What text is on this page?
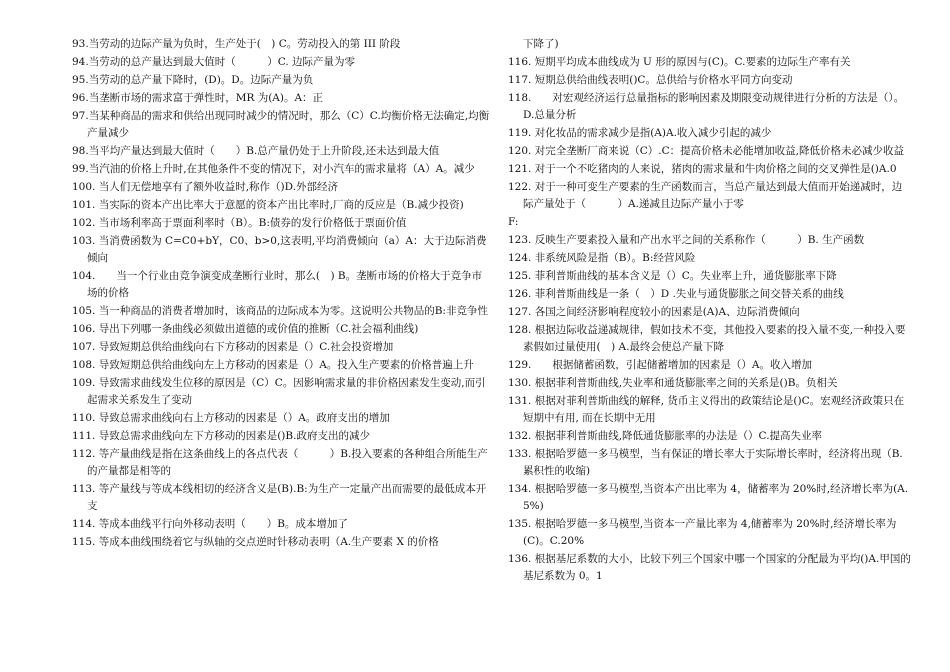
93.当劳动的边际产量为负时，生产处于(　) C。劳动投入的第 III 阶段
94.当劳动的总产量达到最大值时（　　　）C. 边际产量为零
95.当劳动的总产量下降时，(D)。D。边际产量为负
96.当垄断市场的需求富于弹性时，MR 为(A)。A：正
97.当某种商品的需求和供给出现同时减少的情况时，那么（C）C.均衡价格无法确定,均衡产量减少
98.当平均产量达到最大值时（　　）B.总产量仍处于上升阶段,还未达到最大值
99.当汽油的价格上升时,在其他条件不变的情况下，对小汽车的需求量将（A）A。减少
100. 当人们无偿地享有了额外收益时,称作（)D.外部经济
101. 当实际的资本产出比率大于意愿的资本产出比率时,厂商的反应是（B.减少投资)
102. 当市场利率高于票面利率时（B）。B:债券的发行价格低于票面价值
103. 当消费函数为 C=C0+bY，C0、b>0,这表明,平均消费倾向（a）A：大于边际消费倾向
104.　　当一个行业由竞争演变成垄断行业时，那么(　) B。垄断市场的价格大于竞争市场的价格
105. 当一种商品的消费者增加时，该商品的边际成本为零。这说明公共物品的B:非竞争性
106. 导出下列哪一条曲线必须做出道德的或价值的推断（C.社会福利曲线)
107. 导致短期总供给曲线向右下方移动的因素是（）C.社会投资增加
108. 导致短期总供给曲线向左上方移动的因素是（）A。投入生产要素的价格普遍上升
109. 导致需求曲线发生位移的原因是（C）C。因影响需求量的非价格因素发生变动,而引起需求关系发生了变动
110. 导致总需求曲线向右上方移动的因素是（）A。政府支出的增加
111. 导致总需求曲线向左下方移动的因素是()B.政府支出的减少
112. 等产量曲线是指在这条曲线上的各点代表（　　　）B.投入要素的各种组合所能生产的产量都是相等的
113. 等产量线与等成本线相切的经济含义是(B).B:为生产一定量产出而需要的最低成本开支
114. 等成本曲线平行向外移动表明（　　）B。成本增加了
115. 等成本曲线围绕着它与纵轴的交点逆时针移动表明（A.生产要素 X 的价格
下降了)
116. 短期平均成本曲线成为 U 形的原因与(C)。C.要素的边际生产率有关
117. 短期总供给曲线表明()C。总供给与价格水平同方向变动
118.　　对宏观经济运行总量指标的影响因素及期限变动规律进行分析的方法是（）。D.总量分析
119. 对化妆品的需求减少是指(A)A.收入减少引起的减少
120. 对完全垄断厂商来说（C）.C：提高价格未必能增加收益,降低价格未必减少收益
121. 对于一个不吃猪肉的人来说，猪肉的需求量和牛肉价格之间的交叉弹性是()A.0
122. 对于一种可变生产要素的生产函数而言，当总产量达到最大值而开始递减时，边际产量处于（　　　）A.递减且边际产量小于零
F:
123. 反映生产要素投入量和产出水平之间的关系称作（　　　）B. 生产函数
124. 非系统风险是指（B）。B:经营风险
125. 菲利普斯曲线的基本含义是（）C。失业率上升，通货膨胀率下降
126. 菲利普斯曲线是一条（　）D .失业与通货膨胀之间交替关系的曲线
127. 各国之间经济影响程度较小的因素是(A)A、边际消费倾向
128. 根据边际收益递减规律，假如技术不变，其他投入要素的投入量不变,一种投入要素假如过量使用(　) A.最终会使总产量下降
129.　　根据储蓄函数，引起储蓄增加的因素是（）A。收入增加
130. 根据菲利普斯曲线,失业率和通货膨胀率之间的关系是()B。负相关
131. 根据对菲利普斯曲线的解释, 货币主义得出的政策结论是()C。宏观经济政策只在短期中有用, 而在长期中无用
132. 根据菲利普斯曲线,降低通货膨胀率的办法是（）C.提高失业率
133. 根据哈罗德一多马模型，当有保证的增长率大于实际增长率时，经济将出现（B.累积性的收缩)
134. 根据哈罗德一多马模型,当资本产出比率为 4，储蓄率为 20%时,经济增长率为(A.5%)
135. 根据哈罗德一多马模型,当资本一产量比率为 4,储蓄率为 20%时,经济增长率为(C)。C.20%
136. 根据基尼系数的大小，比较下列三个国家中哪一个国家的分配最为平均()A.甲国的基尼系数为 0。1
